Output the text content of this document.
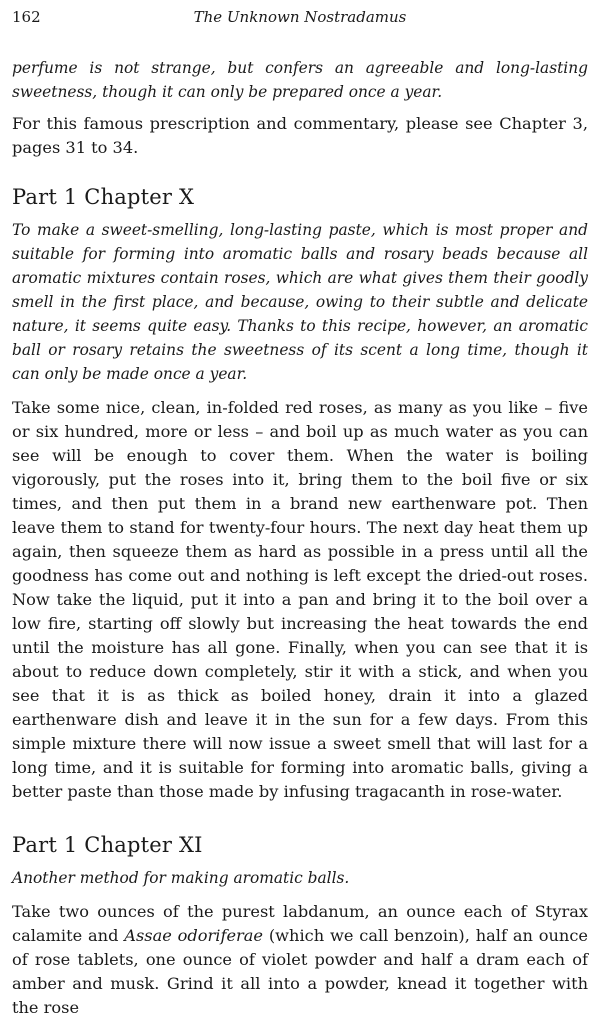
162	The Unknown Nostradamus

perfume is not strange, but confers an agreeable and long-lasting sweetness, though it can only be prepared once a year.

For this famous prescription and commentary, please see Chapter 3, pages 31 to 34.

Part 1 Chapter X

To make a sweet-smelling, long-lasting paste, which is most proper and suitable for forming into aromatic balls and rosary beads because all aromatic mixtures contain roses, which are what gives them their goodly smell in the first place, and because, owing to their subtle and delicate nature, it seems quite easy. Thanks to this recipe, however, an aromatic ball or rosary retains the sweetness of its scent a long time, though it can only be made once a year.

Take some nice, clean, in-folded red roses, as many as you like – five or six hundred, more or less – and boil up as much water as you can see will be enough to cover them. When the water is boiling vigorously, put the roses into it, bring them to the boil five or six times, and then put them in a brand new earthenware pot. Then leave them to stand for twenty-four hours. The next day heat them up again, then squeeze them as hard as possible in a press until all the goodness has come out and nothing is left except the dried-out roses. Now take the liquid, put it into a pan and bring it to the boil over a low fire, starting off slowly but increasing the heat towards the end until the moisture has all gone. Finally, when you can see that it is about to reduce down completely, stir it with a stick, and when you see that it is as thick as boiled honey, drain it into a glazed earthenware dish and leave it in the sun for a few days. From this simple mixture there will now issue a sweet smell that will last for a long time, and it is suitable for forming into aromatic balls, giving a better paste than those made by infusing tragacanth in rose-water.

Part 1 Chapter XI

Another method for making aromatic balls.

Take two ounces of the purest labdanum, an ounce each of Styrax calamite and Assae odoriferae (which we call benzoin), half an ounce of rose tablets, one ounce of violet powder and half a dram each of amber and musk. Grind it all into a powder, knead it together with the rose
